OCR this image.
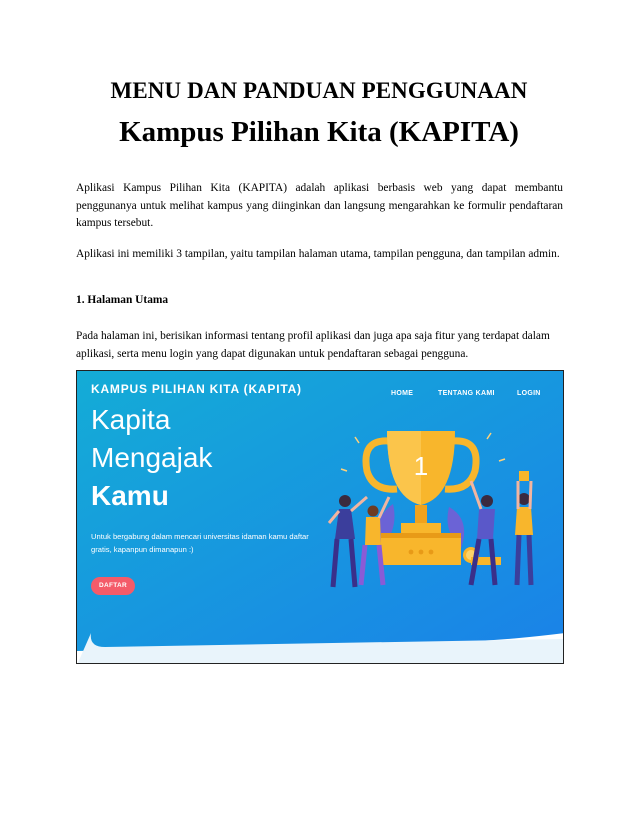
MENU DAN PANDUAN PENGGUNAAN
Kampus Pilihan Kita (KAPITA)

Aplikasi Kampus Pilihan Kita (KAPITA) adalah aplikasi berbasis web yang dapat membantu penggunanya untuk melihat kampus yang diinginkan dan langsung mengarahkan ke formulir pendaftaran kampus tersebut.

Aplikasi ini memiliki 3 tampilan, yaitu tampilan halaman utama, tampilan pengguna, dan tampilan admin.

1. Halaman Utama

Pada halaman ini, berisikan informasi tentang profil aplikasi dan juga apa saja fitur yang terdapat dalam aplikasi, serta menu login yang dapat digunakan untuk pendaftaran sebagai pengguna.

KAMPUS PILIHAN KITA (KAPITA)	HOME	TENTANG KAMI	LOGIN
Kapita
Mengajak
Kamu
Untuk bergabung dalam mencari universitas idaman kamu daftar gratis, kapanpun dimanapun :)
DAFTAR
1
